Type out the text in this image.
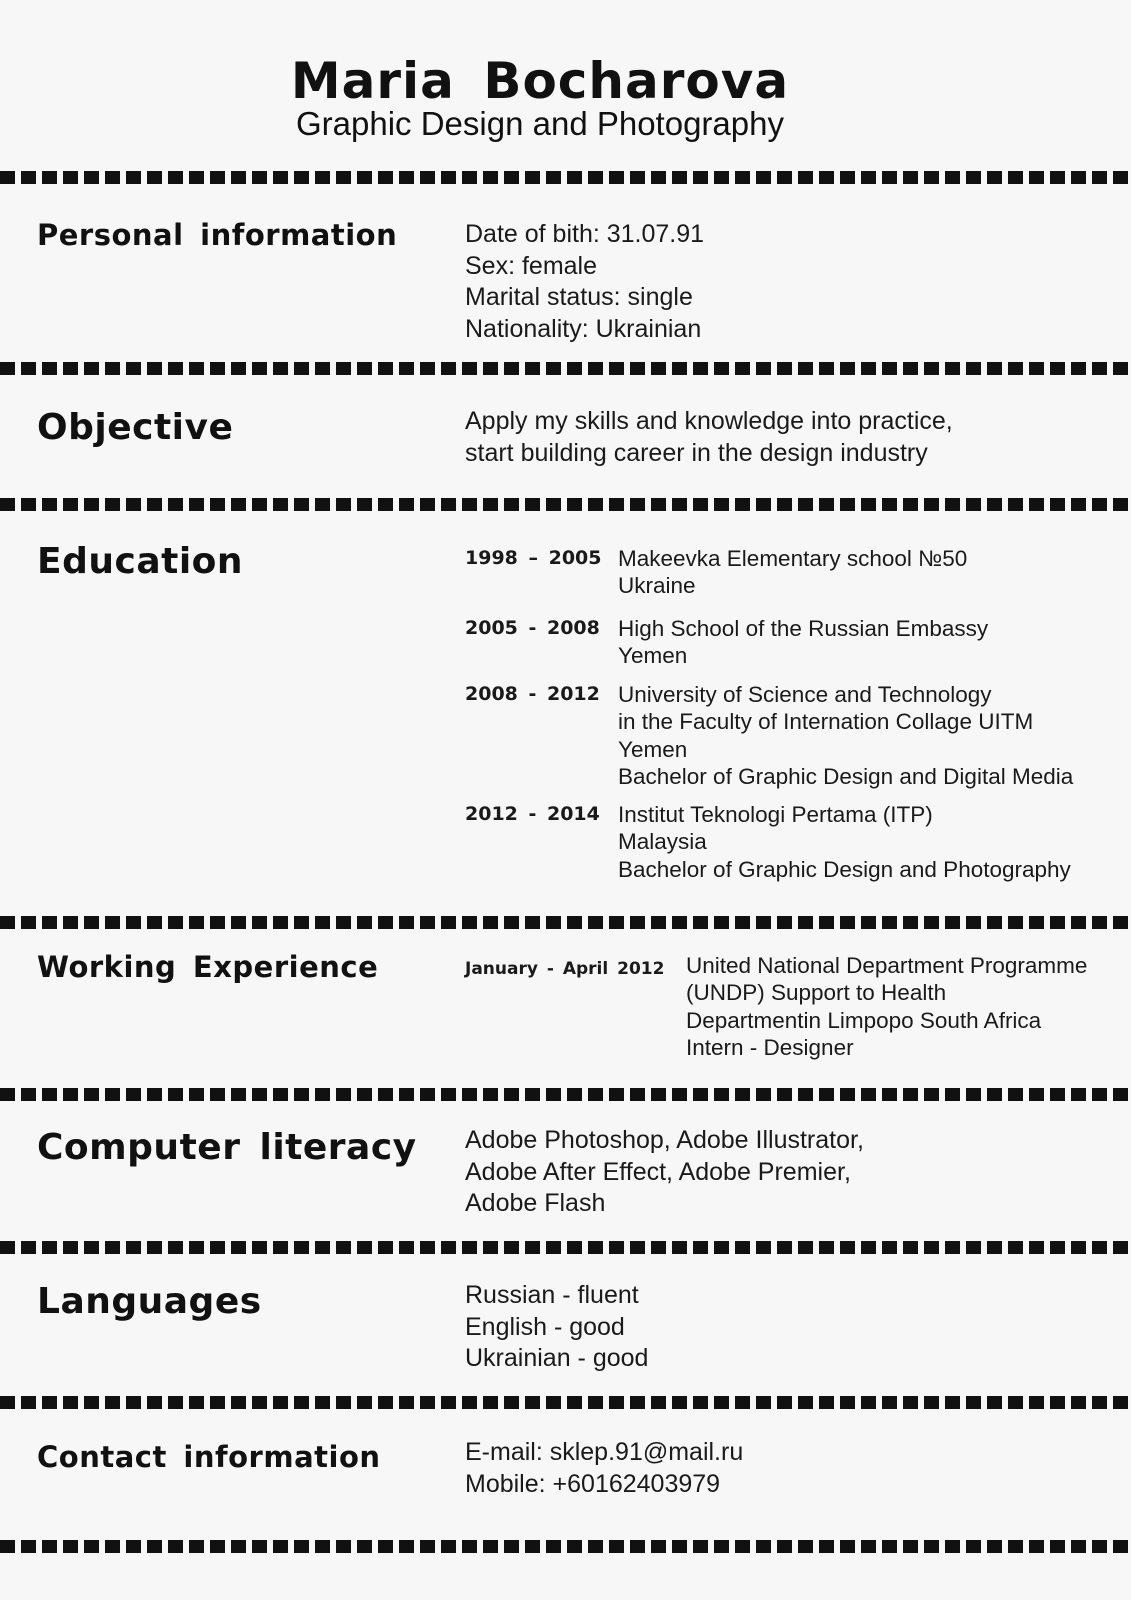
Maria Bocharova
Graphic Design and Photography
Personal information	Date of bith: 31.07.91
Sex: female
Marital status: single
Nationality: Ukrainian
Objective	Apply my skills and knowledge into practice,
start building career in the design industry
Education	1998 – 2005 Makeevka Elementary school №50
Ukraine
2005 - 2008 High School of the Russian Embassy
Yemen
2008 - 2012 University of Science and Technology
in the Faculty of Internation Collage UITM
Yemen
Bachelor of Graphic Design and Digital Media
2012 - 2014 Institut Teknologi Pertama (ITP)
Malaysia
Bachelor of Graphic Design and Photography
Working Experience	January - April 2012 United National Department Programme
(UNDP) Support to Health
Departmentin Limpopo South Africa
Intern - Designer
Computer literacy Adobe Photoshop, Adobe Illustrator,
Adobe After Effect, Adobe Premier,
Adobe Flash
Languages	Russian - fluent
English - good
Ukrainian - good
Contact information	E-mail: sklep.91@mail.ru
Mobile: +60162403979
